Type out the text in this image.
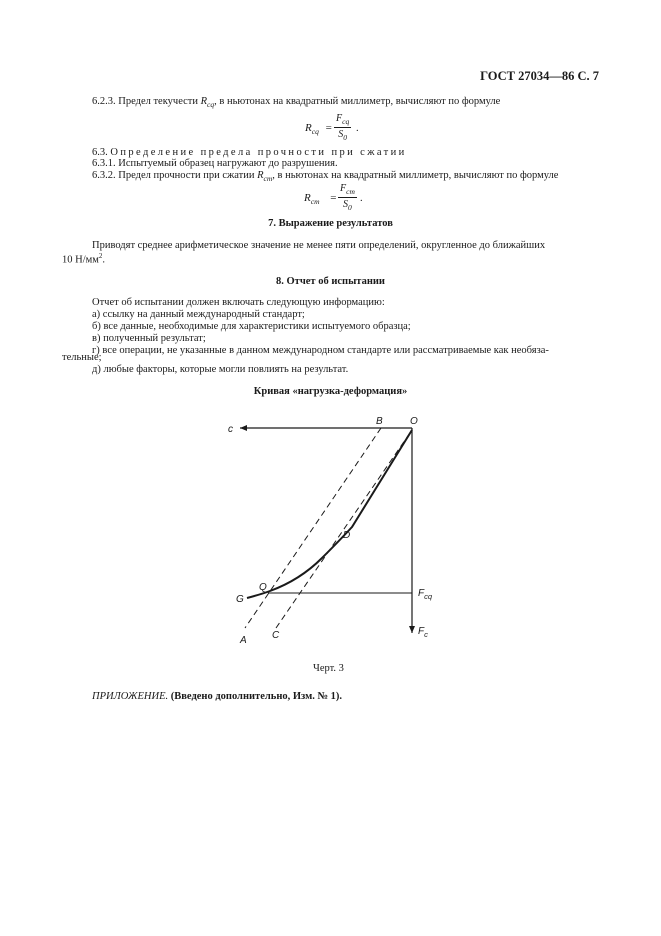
ГОСТ 27034—86 С. 7
6.2.3. Предел текучести $R_{cq}$, в ньютонах на квадратный миллиметр, вычисляют по формуле
$R_{cq}$ =
$F_{cq}$
$S_0$
.
6.3. Определение предела прочности при сжатии
6.3.1. Испытуемый образец нагружают до разрушения.
6.3.2. Предел прочности при сжатии $R_{cm}$, в ньютонах на квадратный миллиметр, вычисляют по формуле
$R_{cm}$ =
$F_{cm}$
$S_0$
.
7. Выражение результатов
Приводят среднее арифметическое значение не менее пяти определений, округленное до ближайших
10 $Н/мм^2$.
8. Отчет об испытании
Отчет об испытании должен включать следующую информацию:
а) ссылку на данный международный стандарт;
б) все данные, необходимые для характеристики испытуемого образца;
в) полученный результат;
г) все операции, не указанные в данном международном стандарте или рассматриваемые как необяза-
тельные;
д) любые факторы, которые могли повлиять на результат.
Кривая «нагрузка-деформация»
c
B	O
D
Q
G
A	C
$F_{cq}$
$F_c$
Черт. 3
ПРИЛОЖЕНИЕ. (Введено дополнительно, Изм. № 1).
